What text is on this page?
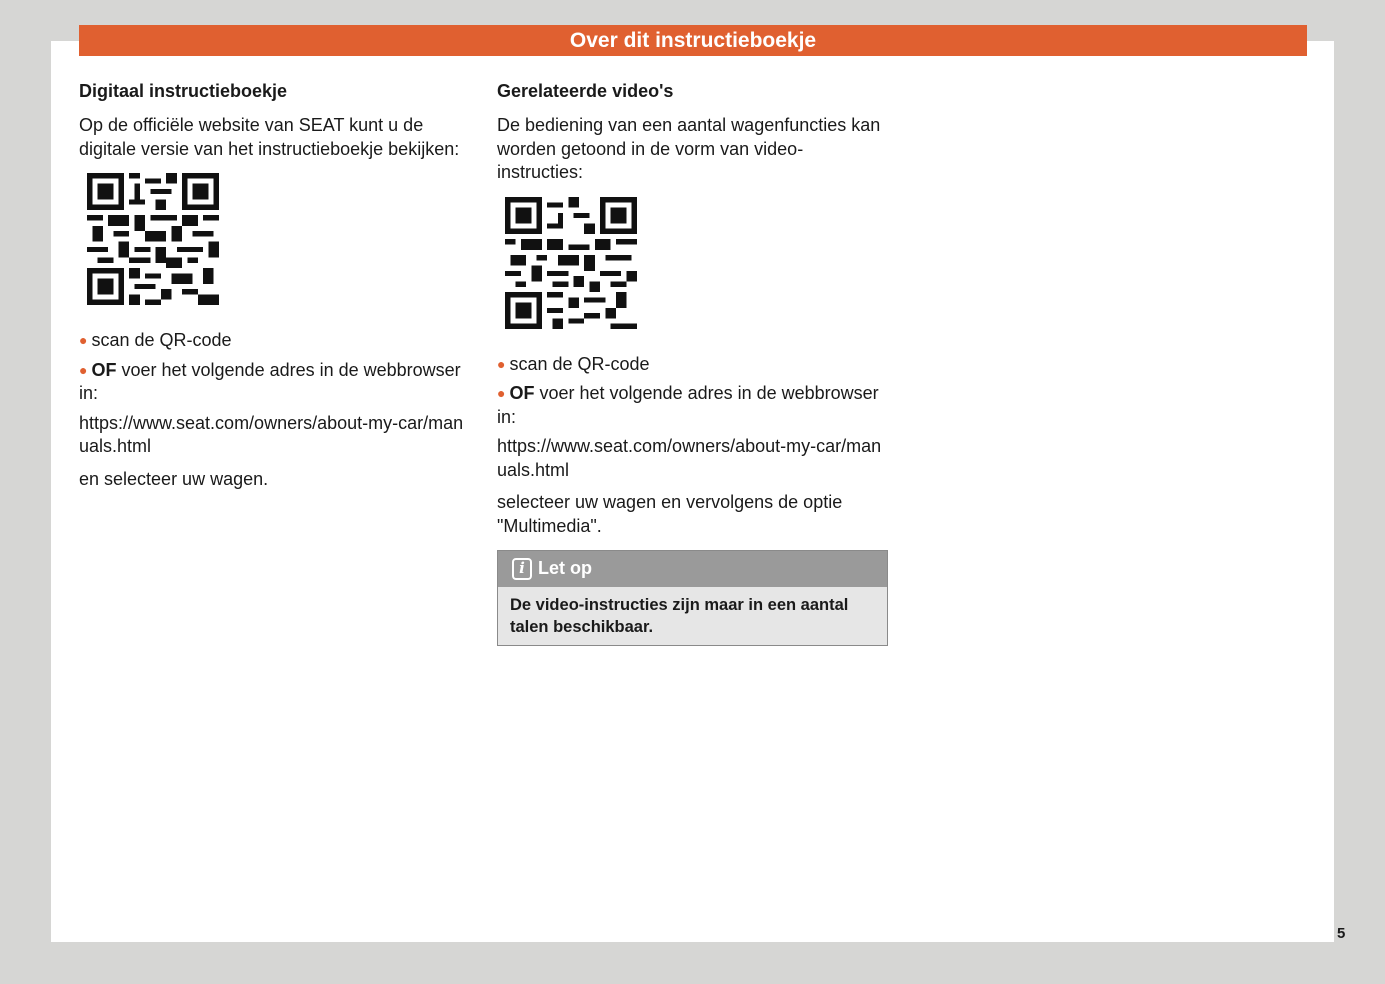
Over dit instructieboekje
Digitaal instructieboekje

Op de officiële website van SEAT kunt u de digitale versie van het instructieboekje bekijken:

● scan de QR-code

● OF voer het volgende adres in de webbrowser in:

https://www.seat.com/owners/about-my-car/manuals.html

en selecteer uw wagen.

Gerelateerde video's

De bediening van een aantal wagenfuncties kan worden getoond in de vorm van video-instructies:

● scan de QR-code

● OF voer het volgende adres in de webbrowser in:

https://www.seat.com/owners/about-my-car/manuals.html

selecteer uw wagen en vervolgens de optie "Multimedia".

i Let op
De video-instructies zijn maar in een aantal talen beschikbaar.
5
